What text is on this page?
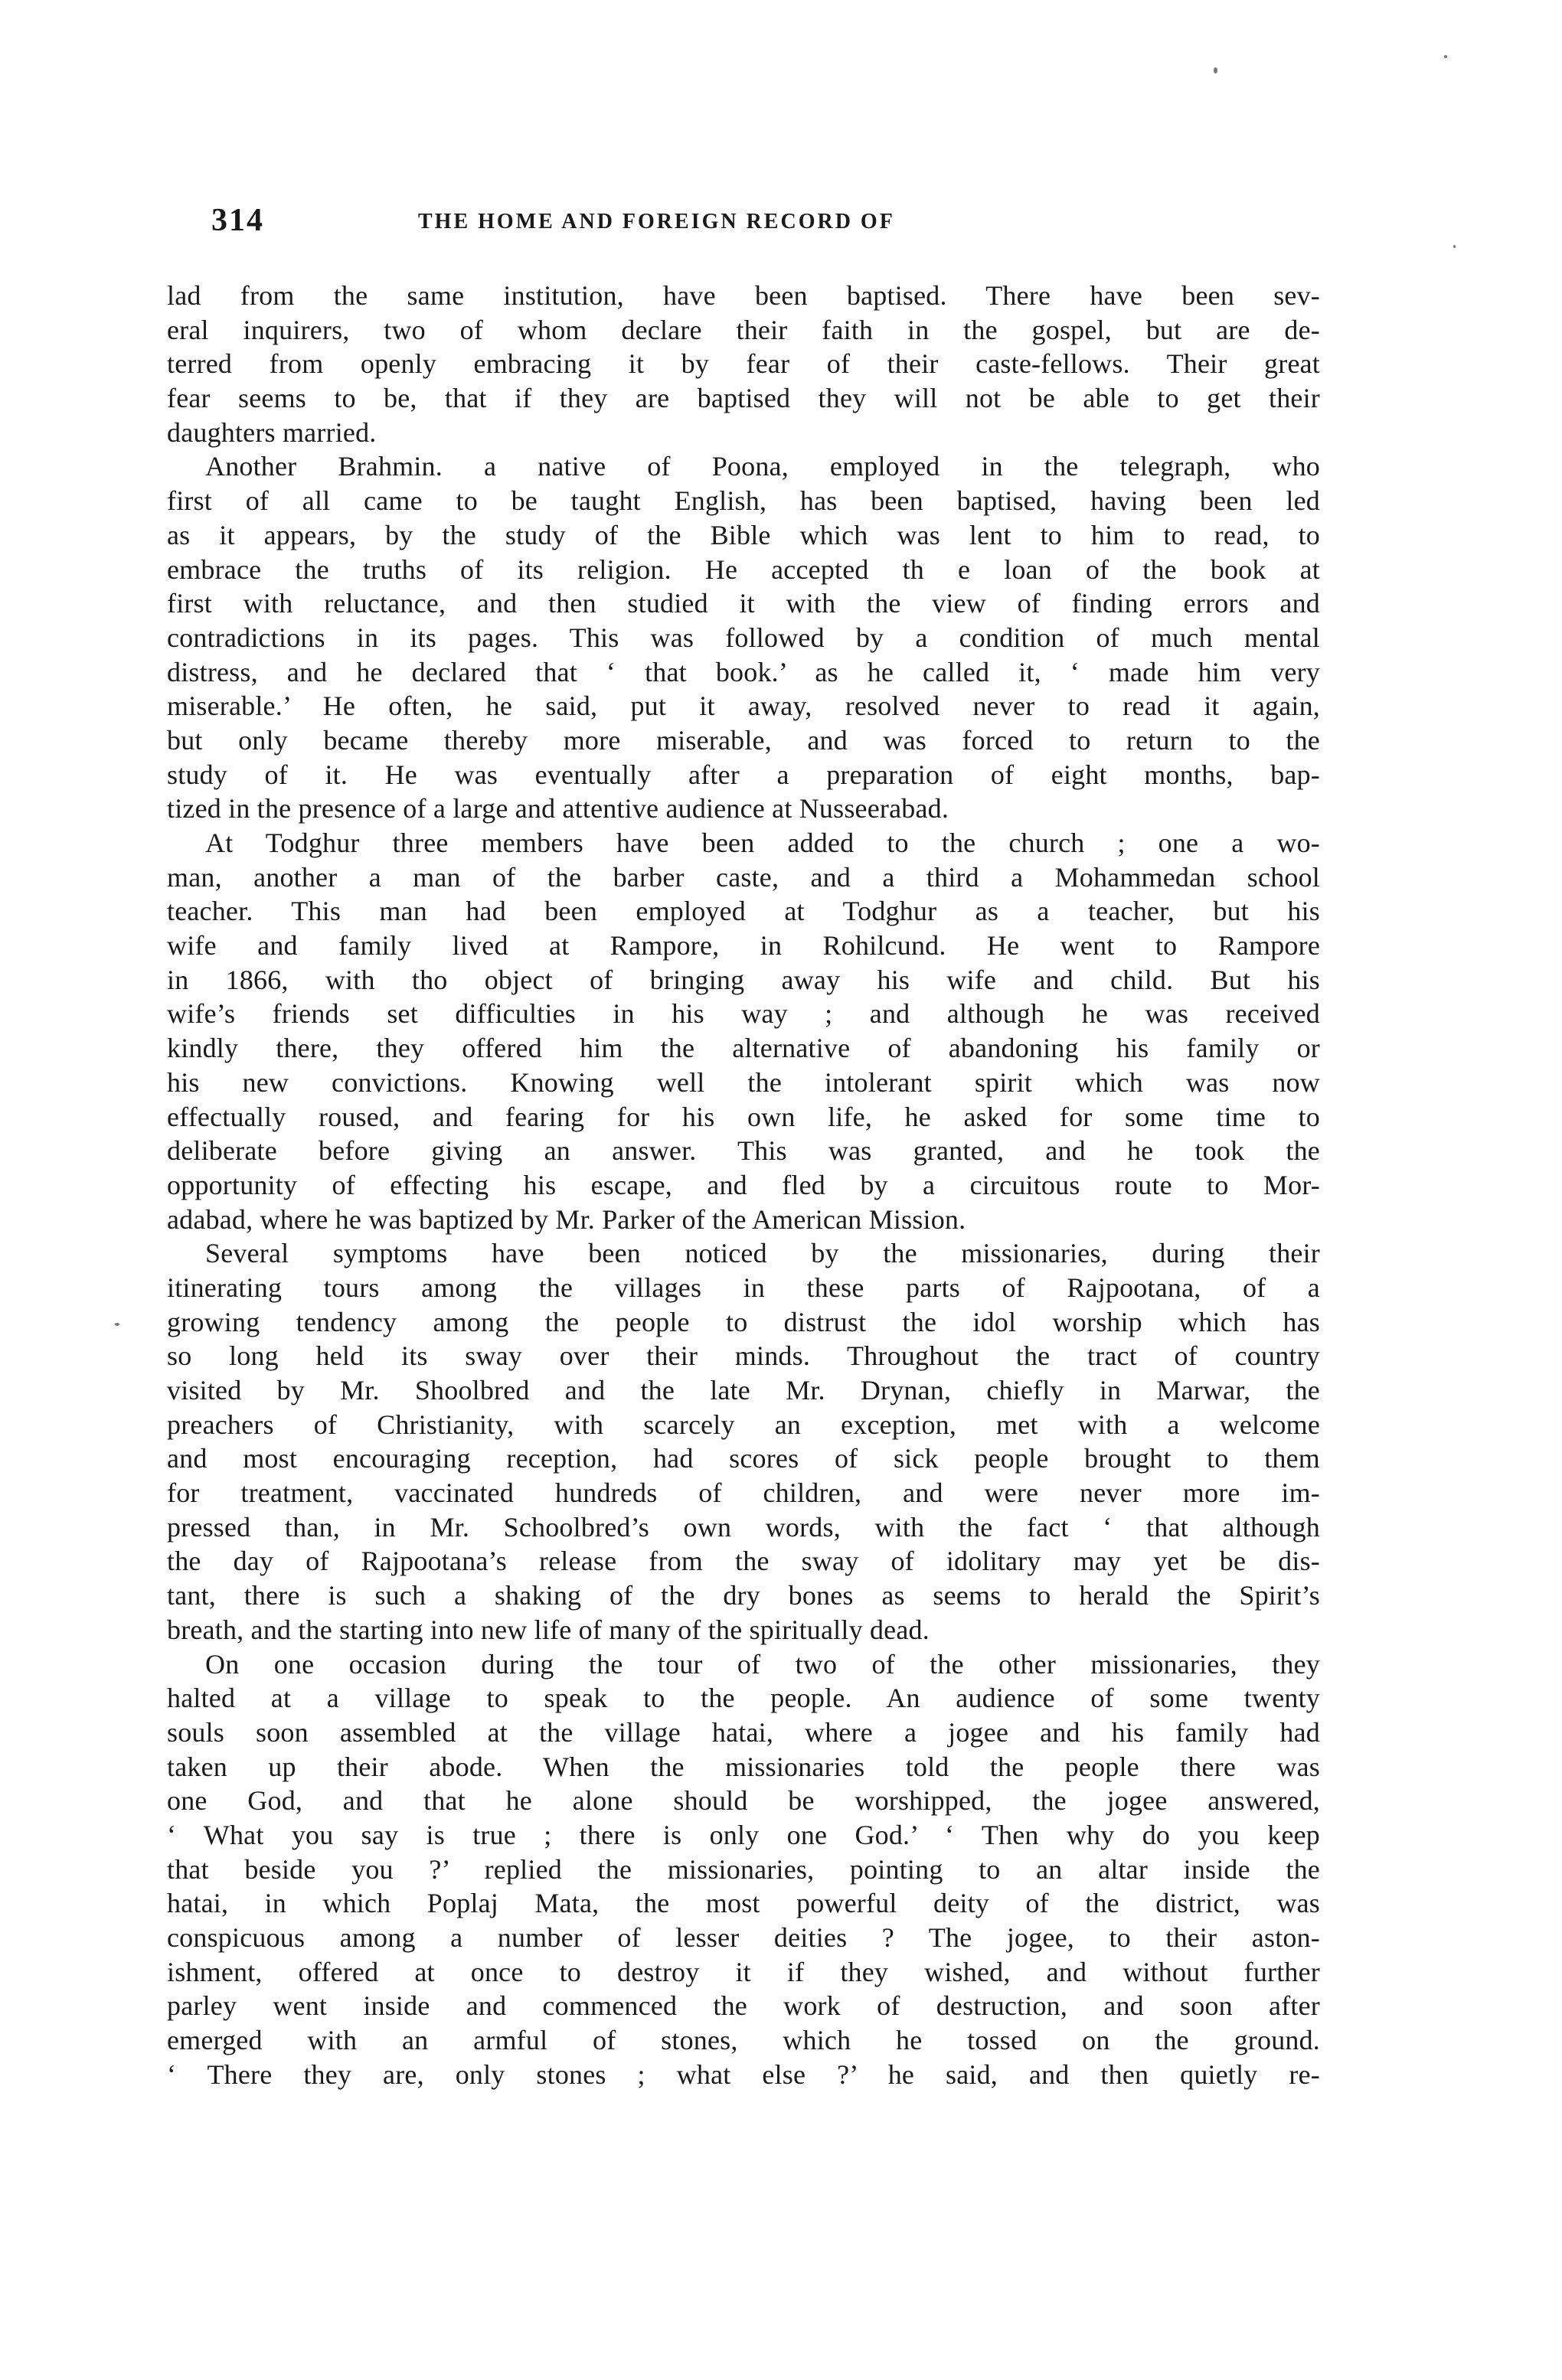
314	THE HOME AND FOREIGN RECORD OF
lad from the same institution, have been baptised. There have been sev-
eral inquirers, two of whom declare their faith in the gospel, but are de-
terred from openly embracing it by fear of their caste-fellows. Their great
fear seems to be, that if they are baptised they will not be able to get their
daughters married.
Another Brahmin. a native of Poona, employed in the telegraph, who
first of all came to be taught English, has been baptised, having been led
as it appears, by the study of the Bible which was lent to him to read, to
embrace the truths of its religion. He accepted th e loan of the book at
first with reluctance, and then studied it with the view of finding errors and
contradictions in its pages. This was followed by a condition of much mental
distress, and he declared that ‘ that book.’ as he called it, ‘ made him very
miserable.’ He often, he said, put it away, resolved never to read it again,
but only became thereby more miserable, and was forced to return to the
study of it. He was eventually after a preparation of eight months, bap-
tized in the presence of a large and attentive audience at Nusseerabad.
At Todghur three members have been added to the church ; one a wo-
man, another a man of the barber caste, and a third a Mohammedan school
teacher. This man had been employed at Todghur as a teacher, but his
wife and family lived at Rampore, in Rohilcund. He went to Rampore
in 1866, with tho object of bringing away his wife and child. But his
wife’s friends set difficulties in his way ; and although he was received
kindly there, they offered him the alternative of abandoning his family or
his new convictions. Knowing well the intolerant spirit which was now
effectually roused, and fearing for his own life, he asked for some time to
deliberate before giving an answer. This was granted, and he took the
opportunity of effecting his escape, and fled by a circuitous route to Mor-
adabad, where he was baptized by Mr. Parker of the American Mission.
Several symptoms have been noticed by the missionaries, during their
itinerating tours among the villages in these parts of Rajpootana, of a
growing tendency among the people to distrust the idol worship which has
so long held its sway over their minds. Throughout the tract of country
visited by Mr. Shoolbred and the late Mr. Drynan, chiefly in Marwar, the
preachers of Christianity, with scarcely an exception, met with a welcome
and most encouraging reception, had scores of sick people brought to them
for treatment, vaccinated hundreds of children, and were never more im-
pressed than, in Mr. Schoolbred’s own words, with the fact ‘ that although
the day of Rajpootana’s release from the sway of idolitary may yet be dis-
tant, there is such a shaking of the dry bones as seems to herald the Spirit’s
breath, and the starting into new life of many of the spiritually dead.
On one occasion during the tour of two of the other missionaries, they
halted at a village to speak to the people. An audience of some twenty
souls soon assembled at the village hatai, where a jogee and his family had
taken up their abode. When the missionaries told the people there was
one God, and that he alone should be worshipped, the jogee answered,
‘ What you say is true ; there is only one God.’ ‘ Then why do you keep
that beside you ?’ replied the missionaries, pointing to an altar inside the
hatai, in which Poplaj Mata, the most powerful deity of the district, was
conspicuous among a number of lesser deities ? The jogee, to their aston-
ishment, offered at once to destroy it if they wished, and without further
parley went inside and commenced the work of destruction, and soon after
emerged with an armful of stones, which he tossed on the ground.
‘ There they are, only stones ; what else ?’ he said, and then quietly re-
